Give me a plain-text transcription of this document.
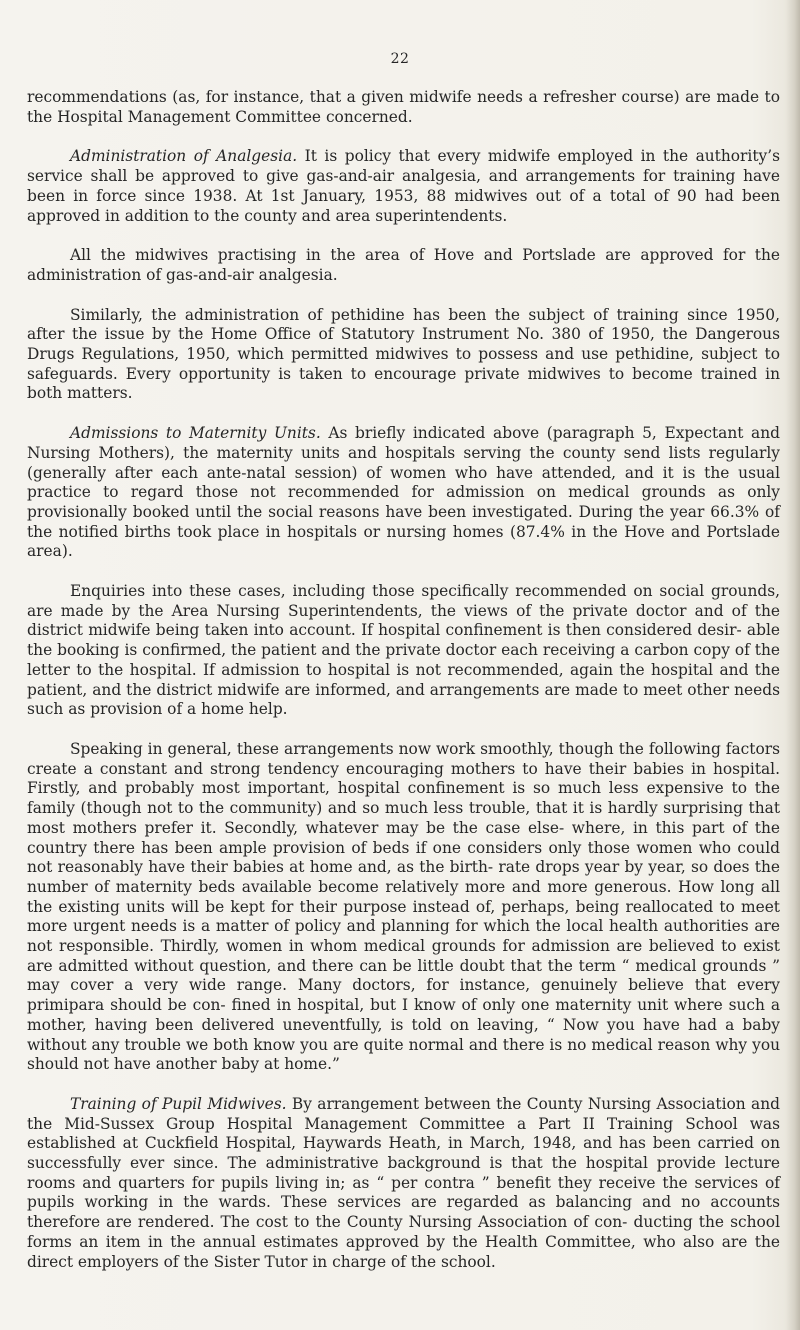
22

recommendations (as, for instance, that a given midwife needs a refresher course) are made to the Hospital Management Committee concerned.

Administration of Analgesia. It is policy that every midwife employed in the authority’s service shall be approved to give gas-and-air analgesia, and arrangements for training have been in force since 1938. At 1st January, 1953, 88 midwives out of a total of 90 had been approved in addition to the county and area superintendents.

All the midwives practising in the area of Hove and Portslade are approved for the administration of gas-and-air analgesia.

Similarly, the administration of pethidine has been the subject of training since 1950, after the issue by the Home Office of Statutory Instrument No. 380 of 1950, the Dangerous Drugs Regulations, 1950, which permitted midwives to possess and use pethidine, subject to safeguards. Every opportunity is taken to encourage private midwives to become trained in both matters.

Admissions to Maternity Units. As briefly indicated above (paragraph 5, Expectant and Nursing Mothers), the maternity units and hospitals serving the county send lists regularly (generally after each ante-natal session) of women who have attended, and it is the usual practice to regard those not recommended for admission on medical grounds as only provisionally booked until the social reasons have been investigated. During the year 66.3% of the notified births took place in hospitals or nursing homes (87.4% in the Hove and Portslade area).

Enquiries into these cases, including those specifically recommended on social grounds, are made by the Area Nursing Superintendents, the views of the private doctor and of the district midwife being taken into account. If hospital confinement is then considered desir- able the booking is confirmed, the patient and the private doctor each receiving a carbon copy of the letter to the hospital. If admission to hospital is not recommended, again the hospital and the patient, and the district midwife are informed, and arrangements are made to meet other needs such as provision of a home help.

Speaking in general, these arrangements now work smoothly, though the following factors create a constant and strong tendency encouraging mothers to have their babies in hospital. Firstly, and probably most important, hospital confinement is so much less expensive to the family (though not to the community) and so much less trouble, that it is hardly surprising that most mothers prefer it. Secondly, whatever may be the case else- where, in this part of the country there has been ample provision of beds if one considers only those women who could not reasonably have their babies at home and, as the birth- rate drops year by year, so does the number of maternity beds available become relatively more and more generous. How long all the existing units will be kept for their purpose instead of, perhaps, being reallocated to meet more urgent needs is a matter of policy and planning for which the local health authorities are not responsible. Thirdly, women in whom medical grounds for admission are believed to exist are admitted without question, and there can be little doubt that the term “ medical grounds ” may cover a very wide range. Many doctors, for instance, genuinely believe that every primipara should be con- fined in hospital, but I know of only one maternity unit where such a mother, having been delivered uneventfully, is told on leaving, “ Now you have had a baby without any trouble we both know you are quite normal and there is no medical reason why you should not have another baby at home.”

Training of Pupil Midwives. By arrangement between the County Nursing Association and the Mid-Sussex Group Hospital Management Committee a Part II Training School was established at Cuckfield Hospital, Haywards Heath, in March, 1948, and has been carried on successfully ever since. The administrative background is that the hospital provide lecture rooms and quarters for pupils living in; as “ per contra ” benefit they receive the services of pupils working in the wards. These services are regarded as balancing and no accounts therefore are rendered. The cost to the County Nursing Association of con- ducting the school forms an item in the annual estimates approved by the Health Committee, who also are the direct employers of the Sister Tutor in charge of the school.
